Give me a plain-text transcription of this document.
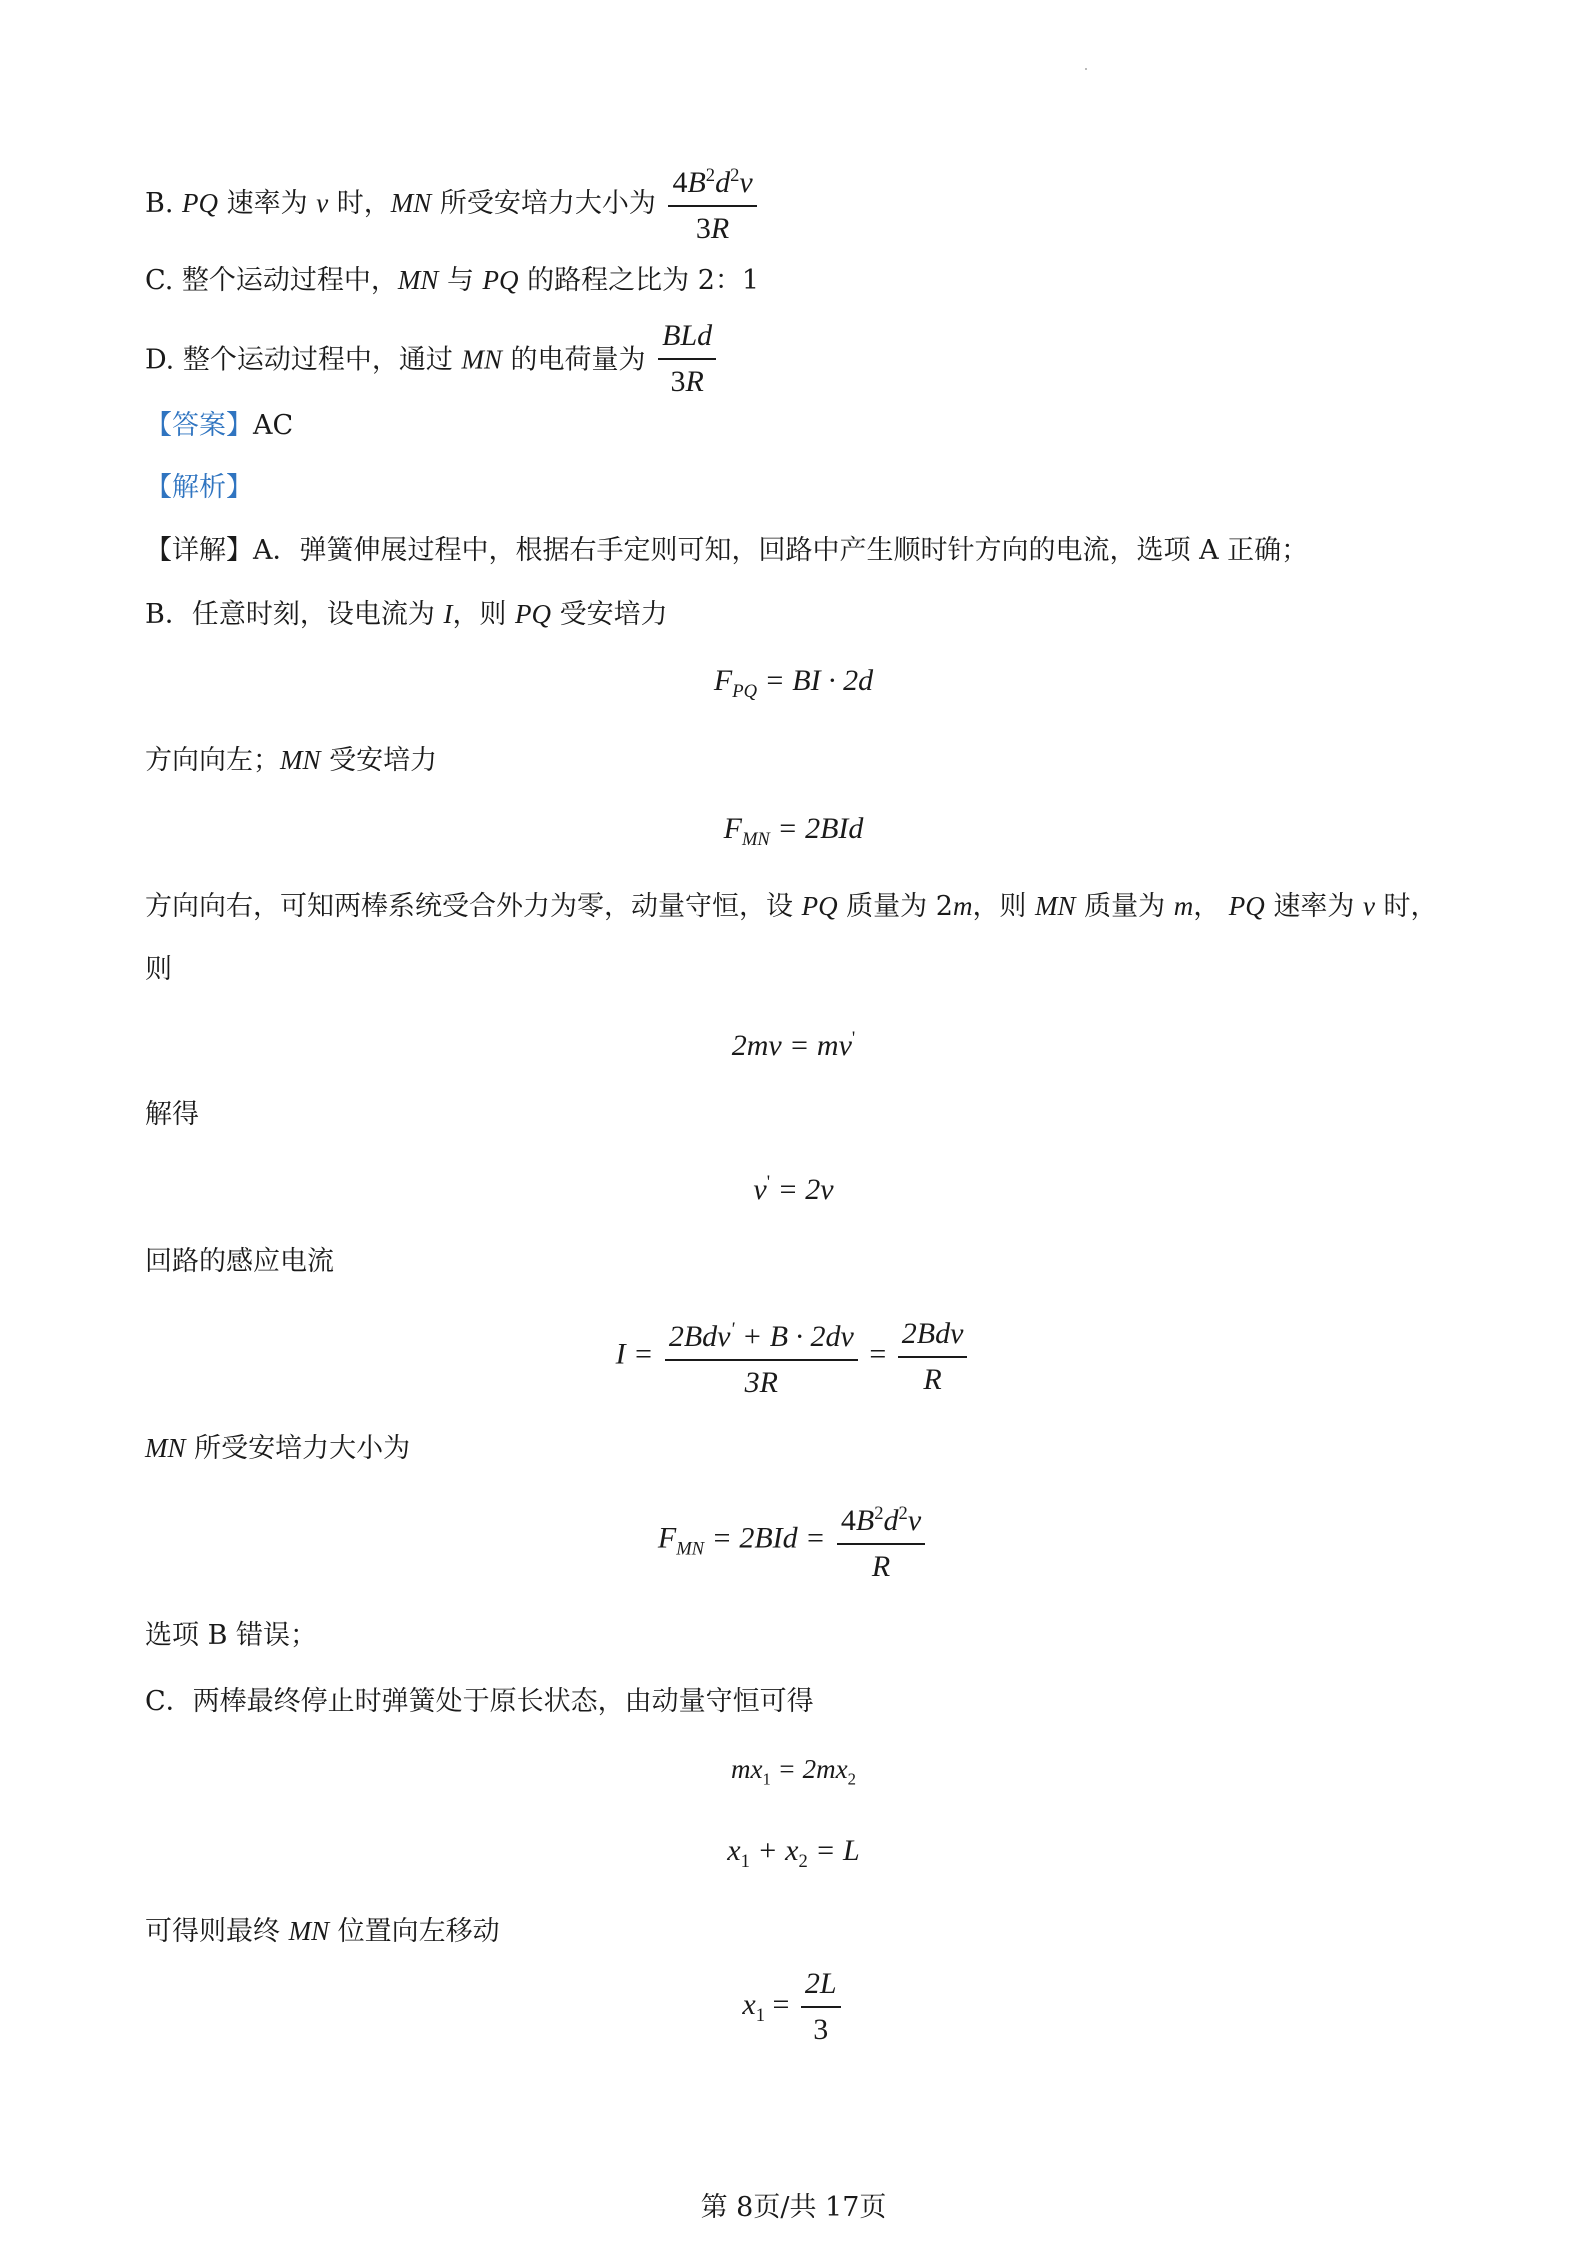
B. PQ 速率为 v 时，MN 所受安培力大小为 $\frac{4B^2d^2v}{3R}$
C. 整个运动过程中，MN 与 PQ 的路程之比为 2：1
D. 整个运动过程中，通过 MN 的电荷量为 $\frac{\text{BLd}}{3R}$
【答案】AC
【解析】
【详解】A．弹簧伸展过程中，根据右手定则可知，回路中产生顺时针方向的电流，选项 A 正确；
B．任意时刻，设电流为 I，则 PQ 受安培力
$F_{PQ}$ = BI · 2d
方向向左；MN 受安培力
$F_{MN} = 2BId$
方向向右，可知两棒系统受合外力为零，动量守恒，设 PQ 质量为 2m，则 MN 质量为 m， PQ 速率为 v 时，
则
2mv = mv'
解得
v' = 2v
回路的感应电流
$I = \frac{2Bdv' + B \cdot 2dv}{3R} = \frac{\text{2Bdv}}{R}$
MN 所受安培力大小为
$F_{MN} = 2BId = \frac{4B^2d^2v}{R}$
选项 B 错误；
C．两棒最终停止时弹簧处于原长状态，由动量守恒可得
$mx_1 = 2mx_2$
$x_1 + x_2 = L$
可得则最终 MN 位置向左移动
$x_1 = \frac{2L}{3}$
第 8页/共 17页
